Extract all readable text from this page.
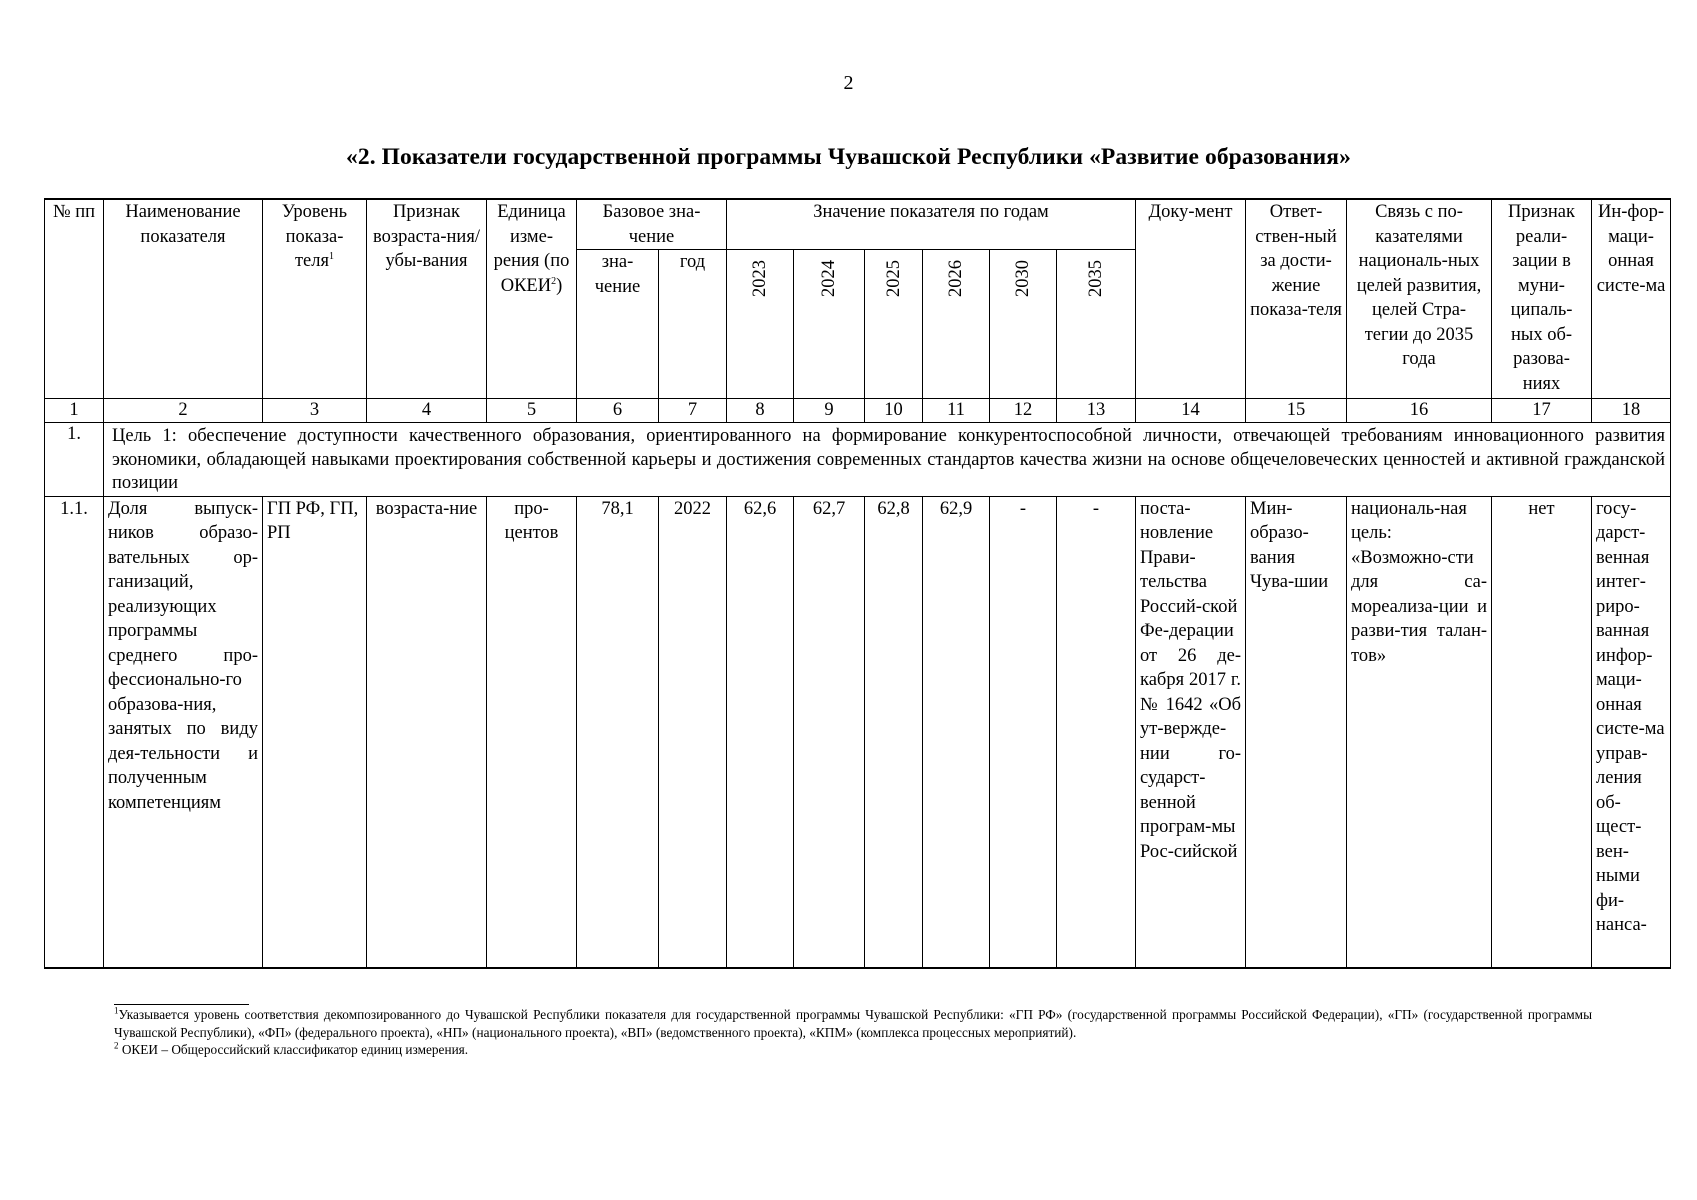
2
«2. Показатели государственной программы Чувашской Республики «Развитие образования»
№ пп	Наименование показателя	Уровень показа-теля$^1$	Признак возраста-ния/убы-вания	Единица изме-рения (по ОКЕИ$^2$)	Базовое зна-чение		Значение показателя по годам						Доку-мент	Ответ-ствен-ный за дости-жение показа-теля	Связь с по-казателями националь-ных целей развития, целей Стра-тегии до 2035 года	Признак реали-зации в муни-ципаль-ных об-разова-ниях	Ин-фор-маци-онная систе-ма
					зна-чение	год	2023	2024	2025	2026	2030	2035					
1	2	3	4	5	6	7	8	9	10	11	12	13	14	15	16	17	18
1.	Цель 1: обеспечение доступности качественного образования, ориентированного на формирование конкурентоспособной личности, отвечающей требованиям инновационного развития экономики, обладающей навыками проектирования собственной карьеры и достижения современных стандартов качества жизни на основе общечеловеческих ценностей и активной гражданской позиции																
1.1.	Доля выпуск-ников образо-вательных ор-ганизаций, реализующих программы среднего про-фессионально-го образова-ния, занятых по виду дея-тельности и полученным компетенциям	ГП РФ, ГП, РП	возраста-ние	про-центов	78,1	2022	62,6	62,7	62,8	62,9	-	-	поста-новление Прави-тельства Россий-ской Фе-дерации от 26 де-кабря 2017 г. № 1642 «Об ут-вержде-нии го-сударст-венной програм-мы Рос-сийской	Мин-образо-вания Чува-шии	националь-ная цель: «Возможно-сти для са-мореализа-ции и разви-тия талан-тов»	нет	госу-дарст-венная интег-риро-ванная инфор-маци-онная систе-ма управ-ления об-щест-вен-ными фи-нанса-

$^1$Указывается уровень соответствия декомпозированного до Чувашской Республики показателя для государственной программы Чувашской Республики: «ГП РФ» (государственной программы Российской Федерации), «ГП» (государственной программы Чувашской Республики), «ФП» (федерального проекта), «НП» (национального проекта), «ВП» (ведомственного проекта), «КПМ» (комплекса процессных мероприятий).

$^2$ ОКЕИ – Общероссийский классификатор единиц измерения.
